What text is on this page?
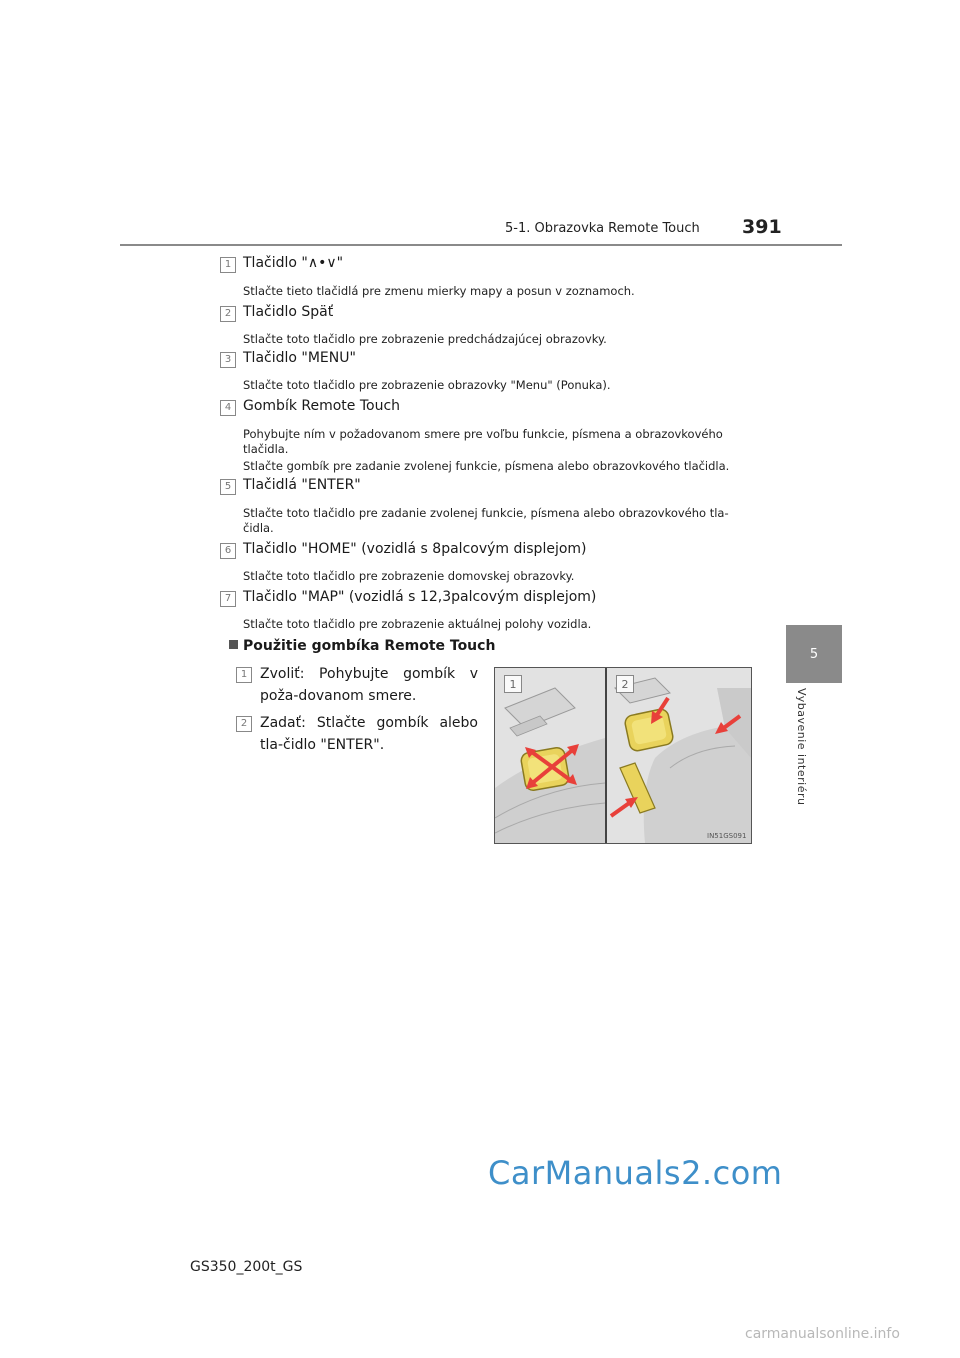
5-1. Obrazovka Remote Touch 391
5
Vybavenie interiéru
1 Tlačidlo "∧•∨"
Stlačte tieto tlačidlá pre zmenu mierky mapy a posun v zoznamoch.
2 Tlačidlo Späť
Stlačte toto tlačidlo pre zobrazenie predchádzajúcej obrazovky.
3 Tlačidlo "MENU"
Stlačte toto tlačidlo pre zobrazenie obrazovky "Menu" (Ponuka).
4 Gombík Remote Touch
Pohybujte ním v požadovanom smere pre voľbu funkcie, písmena a obrazovkového tlačidla.
Stlačte gombík pre zadanie zvolenej funkcie, písmena alebo obrazovkového tlačidla.
5 Tlačidlá "ENTER"
Stlačte toto tlačidlo pre zadanie zvolenej funkcie, písmena alebo obrazovkového tla-čidla.
6 Tlačidlo "HOME" (vozidlá s 8palcovým displejom)
Stlačte toto tlačidlo pre zobrazenie domovskej obrazovky.
7 Tlačidlo "MAP" (vozidlá s 12,3palcovým displejom)
Stlačte toto tlačidlo pre zobrazenie aktuálnej polohy vozidla.
Použitie gombíka Remote Touch
1 Zvoliť: Pohybujte gombík v poža-dovanom smere.
2 Zadať: Stlačte gombík alebo tla-čidlo "ENTER".
IN51GS091
1	2
GS350_200t_GS
CarManuals2.com
carmanualsonline.info
